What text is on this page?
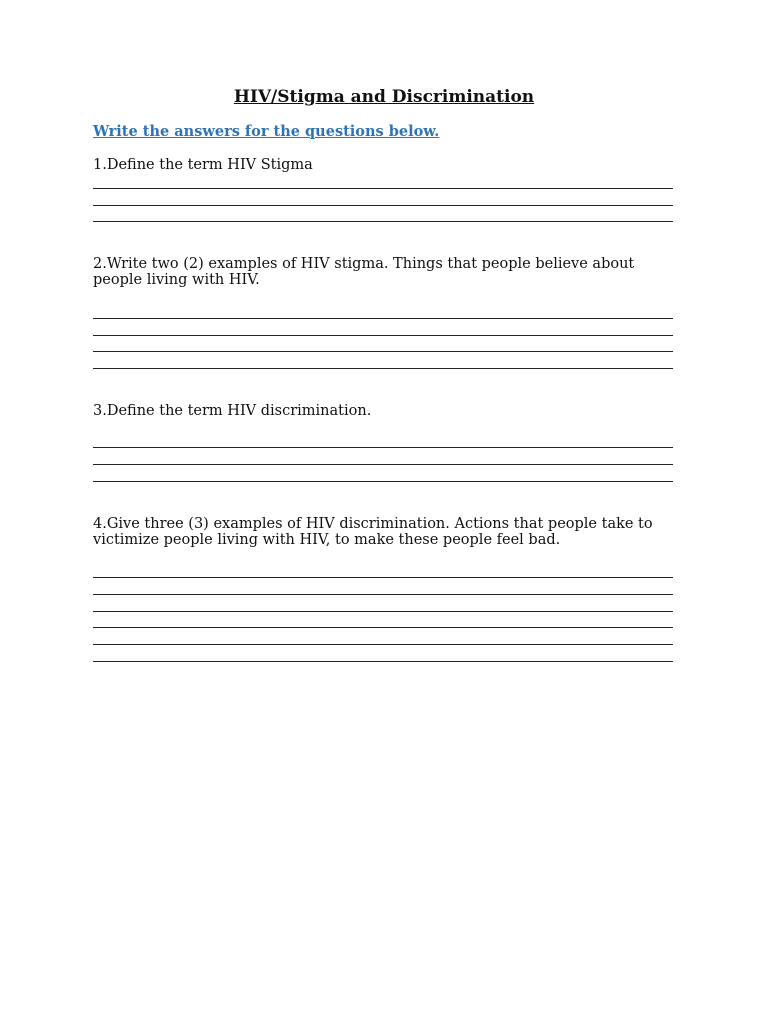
HIV/Stigma and Discrimination
Write the answers for the questions below.
1.Define the term HIV Stigma
2.Write two (2) examples of HIV stigma. Things that people believe about people living with HIV.
3.Define the term HIV discrimination.
4.Give three (3) examples of HIV discrimination. Actions that people take to victimize people living with HIV, to make these people feel bad.
